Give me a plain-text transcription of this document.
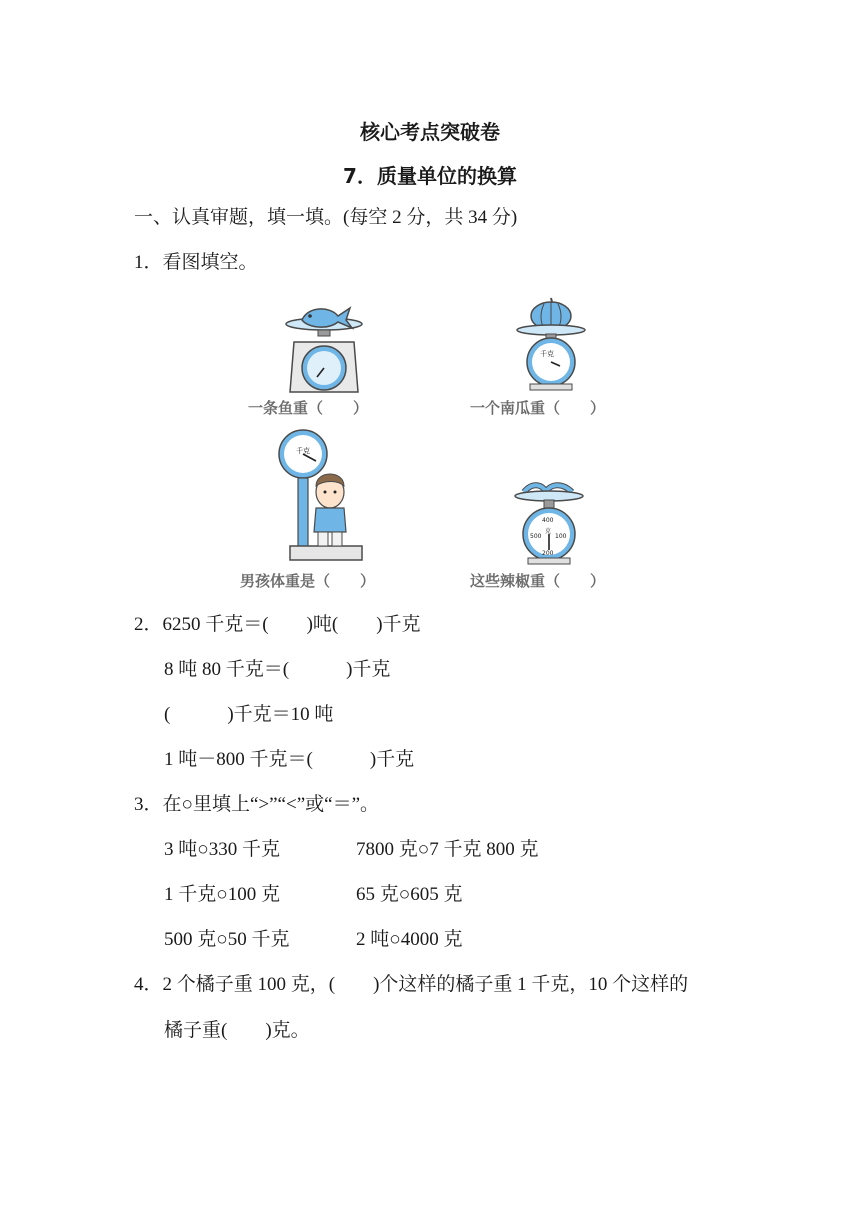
核心考点突破卷
7．质量单位的换算
一、认真审题，填一填。(每空 2 分，共 34 分)
1．看图填空。
一条鱼重（　　）
千克
一个南瓜重（　　）
千克
男孩体重是（　　）
400
克
100
200
500
这些辣椒重（　　）
2．6250 千克＝(　　)吨(　　)千克
8 吨 80 千克＝(　　　)千克
(　　　)千克＝10 吨
1 吨－800 千克＝(　　　)千克
3．在○里填上“>”“<”或“＝”。
3 吨○330 千克	7800 克○7 千克 800 克
1 千克○100 克	65 克○605 克
500 克○50 千克	2 吨○4000 克
4．2 个橘子重 100 克，(　　)个这样的橘子重 1 千克，10 个这样的
橘子重(　　)克。
